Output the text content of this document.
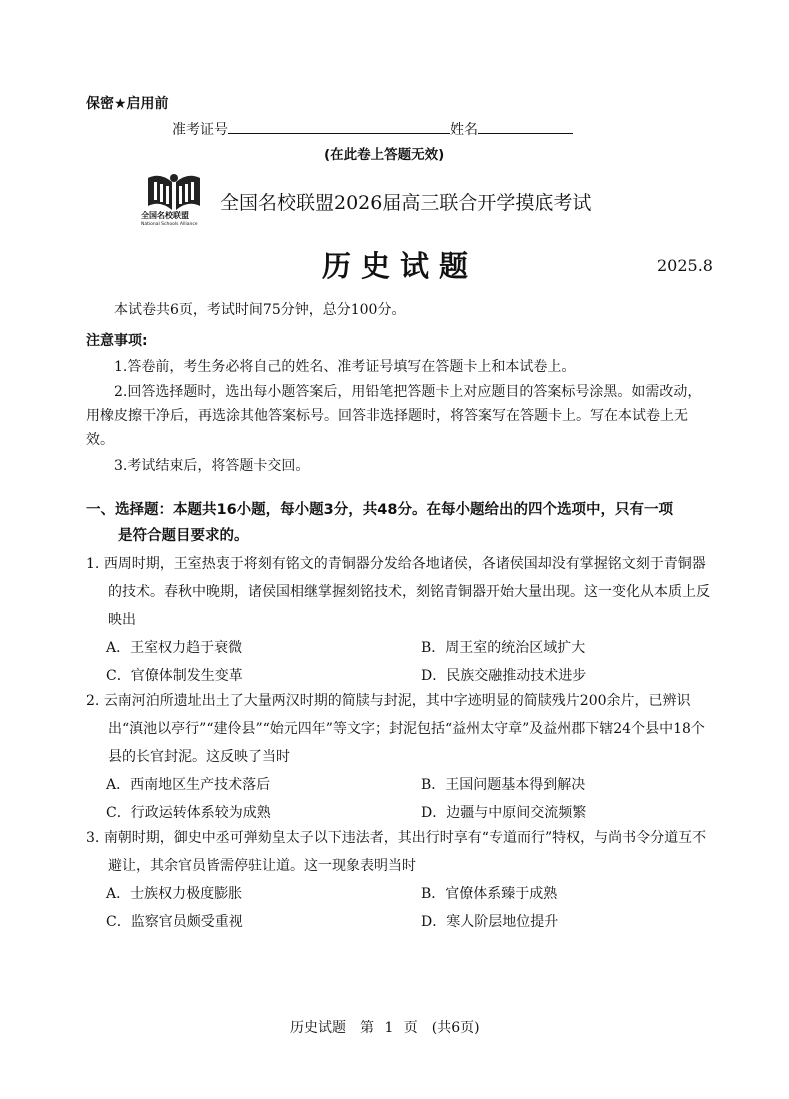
保密★启用前
准考证号	姓名
(在此卷上答题无效)
全国名校联盟
National Schools Alliance
全国名校联盟2026届高三联合开学摸底考试
历史试题	2025.8
本试卷共6页，考试时间75分钟，总分100分。
注意事项:
1.答卷前，考生务必将自己的姓名、准考证号填写在答题卡上和本试卷上。
2.回答选择题时，选出每小题答案后，用铅笔把答题卡上对应题目的答案标号涂黑。如需改动，用橡皮擦干净后，再选涂其他答案标号。回答非选择题时，将答案写在答题卡上。写在本试卷上无效。
3.考试结束后，将答题卡交回。
一、选择题：本题共16小题，每小题3分，共48分。在每小题给出的四个选项中，只有一项
是符合题目要求的。
1. 西周时期，王室热衷于将刻有铭文的青铜器分发给各地诸侯，各诸侯国却没有掌握铭文刻于青铜器的技术。春秋中晚期，诸侯国相继掌握刻铭技术，刻铭青铜器开始大量出现。这一变化从本质上反映出
A．王室权力趋于衰微	B．周王室的统治区域扩大
C．官僚体制发生变革	D．民族交融推动技术进步
2. 云南河泊所遗址出土了大量两汉时期的简牍与封泥，其中字迹明显的简牍残片200余片，已辨识出“滇池以亭行”“建伶县”“始元四年”等文字；封泥包括“益州太守章”及益州郡下辖24个县中18个县的长官封泥。这反映了当时
A．西南地区生产技术落后	B．王国问题基本得到解决
C．行政运转体系较为成熟	D．边疆与中原间交流频繁
3. 南朝时期，御史中丞可弹劾皇太子以下违法者，其出行时享有“专道而行”特权，与尚书令分道互不避让，其余官员皆需停驻让道。这一现象表明当时
A．士族权力极度膨胀	B．官僚体系臻于成熟
C．监察官员颇受重视	D．寒人阶层地位提升
历史试题　第 1 页　(共6页)
